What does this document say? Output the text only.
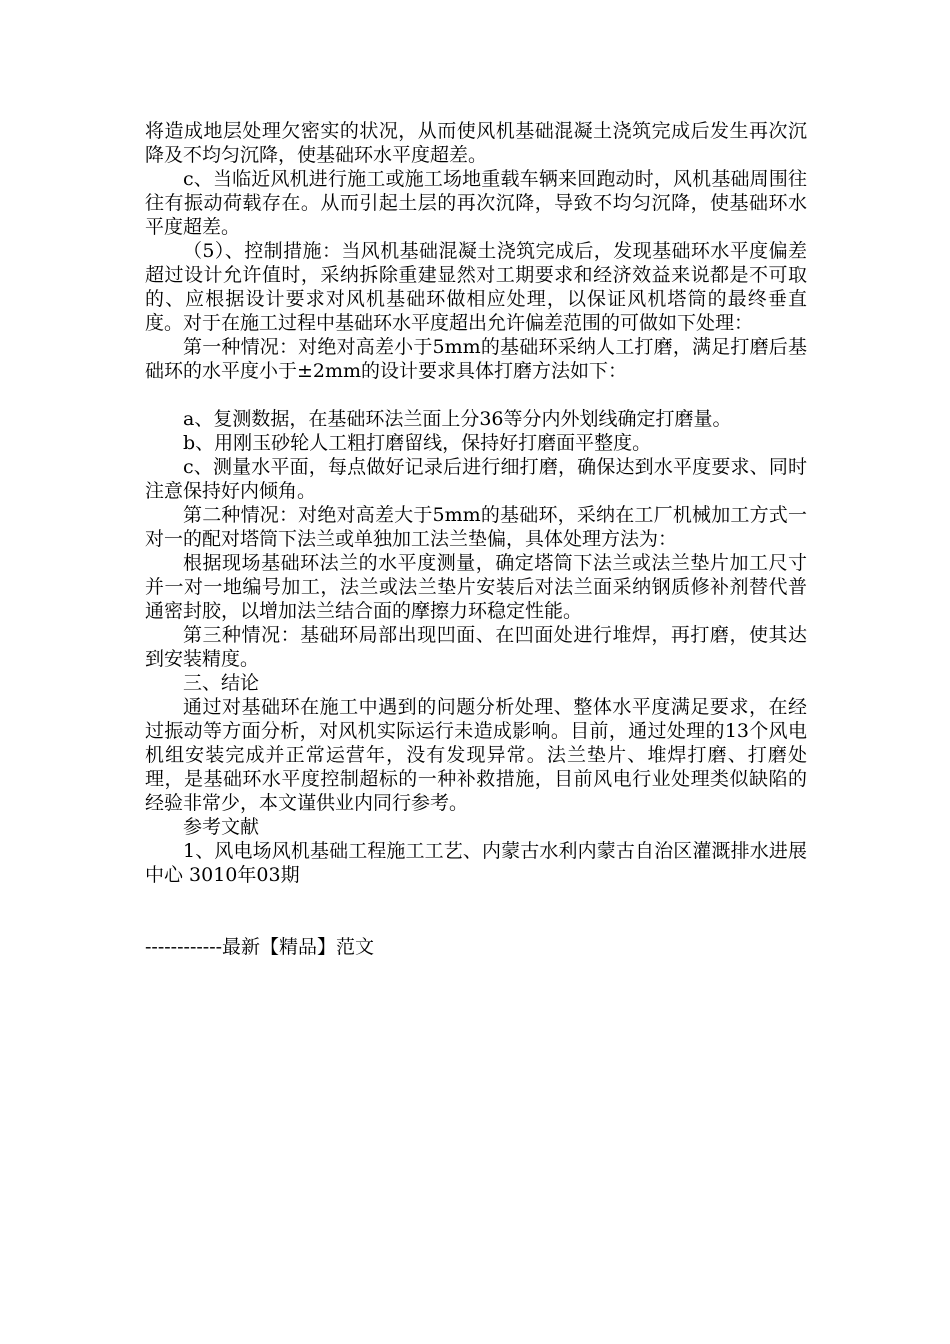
将造成地层处理欠密实的状况，从而使风机基础混凝土浇筑完成后发生再次沉降及不均匀沉降，使基础环水平度超差。

c、当临近风机进行施工或施工场地重载车辆来回跑动时，风机基础周围往往有振动荷载存在。从而引起土层的再次沉降，导致不均匀沉降，使基础环水平度超差。

（5）、控制措施：当风机基础混凝土浇筑完成后，发现基础环水平度偏差超过设计允许值时，采纳拆除重建显然对工期要求和经济效益来说都是不可取的、应根据设计要求对风机基础环做相应处理，以保证风机塔筒的最终垂直度。对于在施工过程中基础环水平度超出允许偏差范围的可做如下处理：

第一种情况：对绝对高差小于5mm的基础环采纳人工打磨，满足打磨后基础环的水平度小于±2mm的设计要求具体打磨方法如下：

a、复测数据，在基础环法兰面上分36等分内外划线确定打磨量。

b、用刚玉砂轮人工粗打磨留线，保持好打磨面平整度。

c、测量水平面，每点做好记录后进行细打磨，确保达到水平度要求、同时注意保持好内倾角。

第二种情况：对绝对高差大于5mm的基础环，采纳在工厂机械加工方式一对一的配对塔筒下法兰或单独加工法兰垫偏，具体处理方法为：

根据现场基础环法兰的水平度测量，确定塔筒下法兰或法兰垫片加工尺寸并一对一地编号加工，法兰或法兰垫片安装后对法兰面采纳钢质修补剂替代普通密封胶，以增加法兰结合面的摩擦力环稳定性能。

第三种情况：基础环局部出现凹面、在凹面处进行堆焊，再打磨，使其达到安装精度。

三、结论

通过对基础环在施工中遇到的问题分析处理、整体水平度满足要求，在经过振动等方面分析，对风机实际运行未造成影响。目前，通过处理的13个风电机组安装完成并正常运营年，没有发现异常。法兰垫片、堆焊打磨、打磨处理，是基础环水平度控制超标的一种补救措施，目前风电行业处理类似缺陷的经验非常少，本文谨供业内同行参考。

参考文献

1、风电场风机基础工程施工工艺、内蒙古水利内蒙古自治区灌溉排水进展中心 3010年03期

------------最新【精品】范文
